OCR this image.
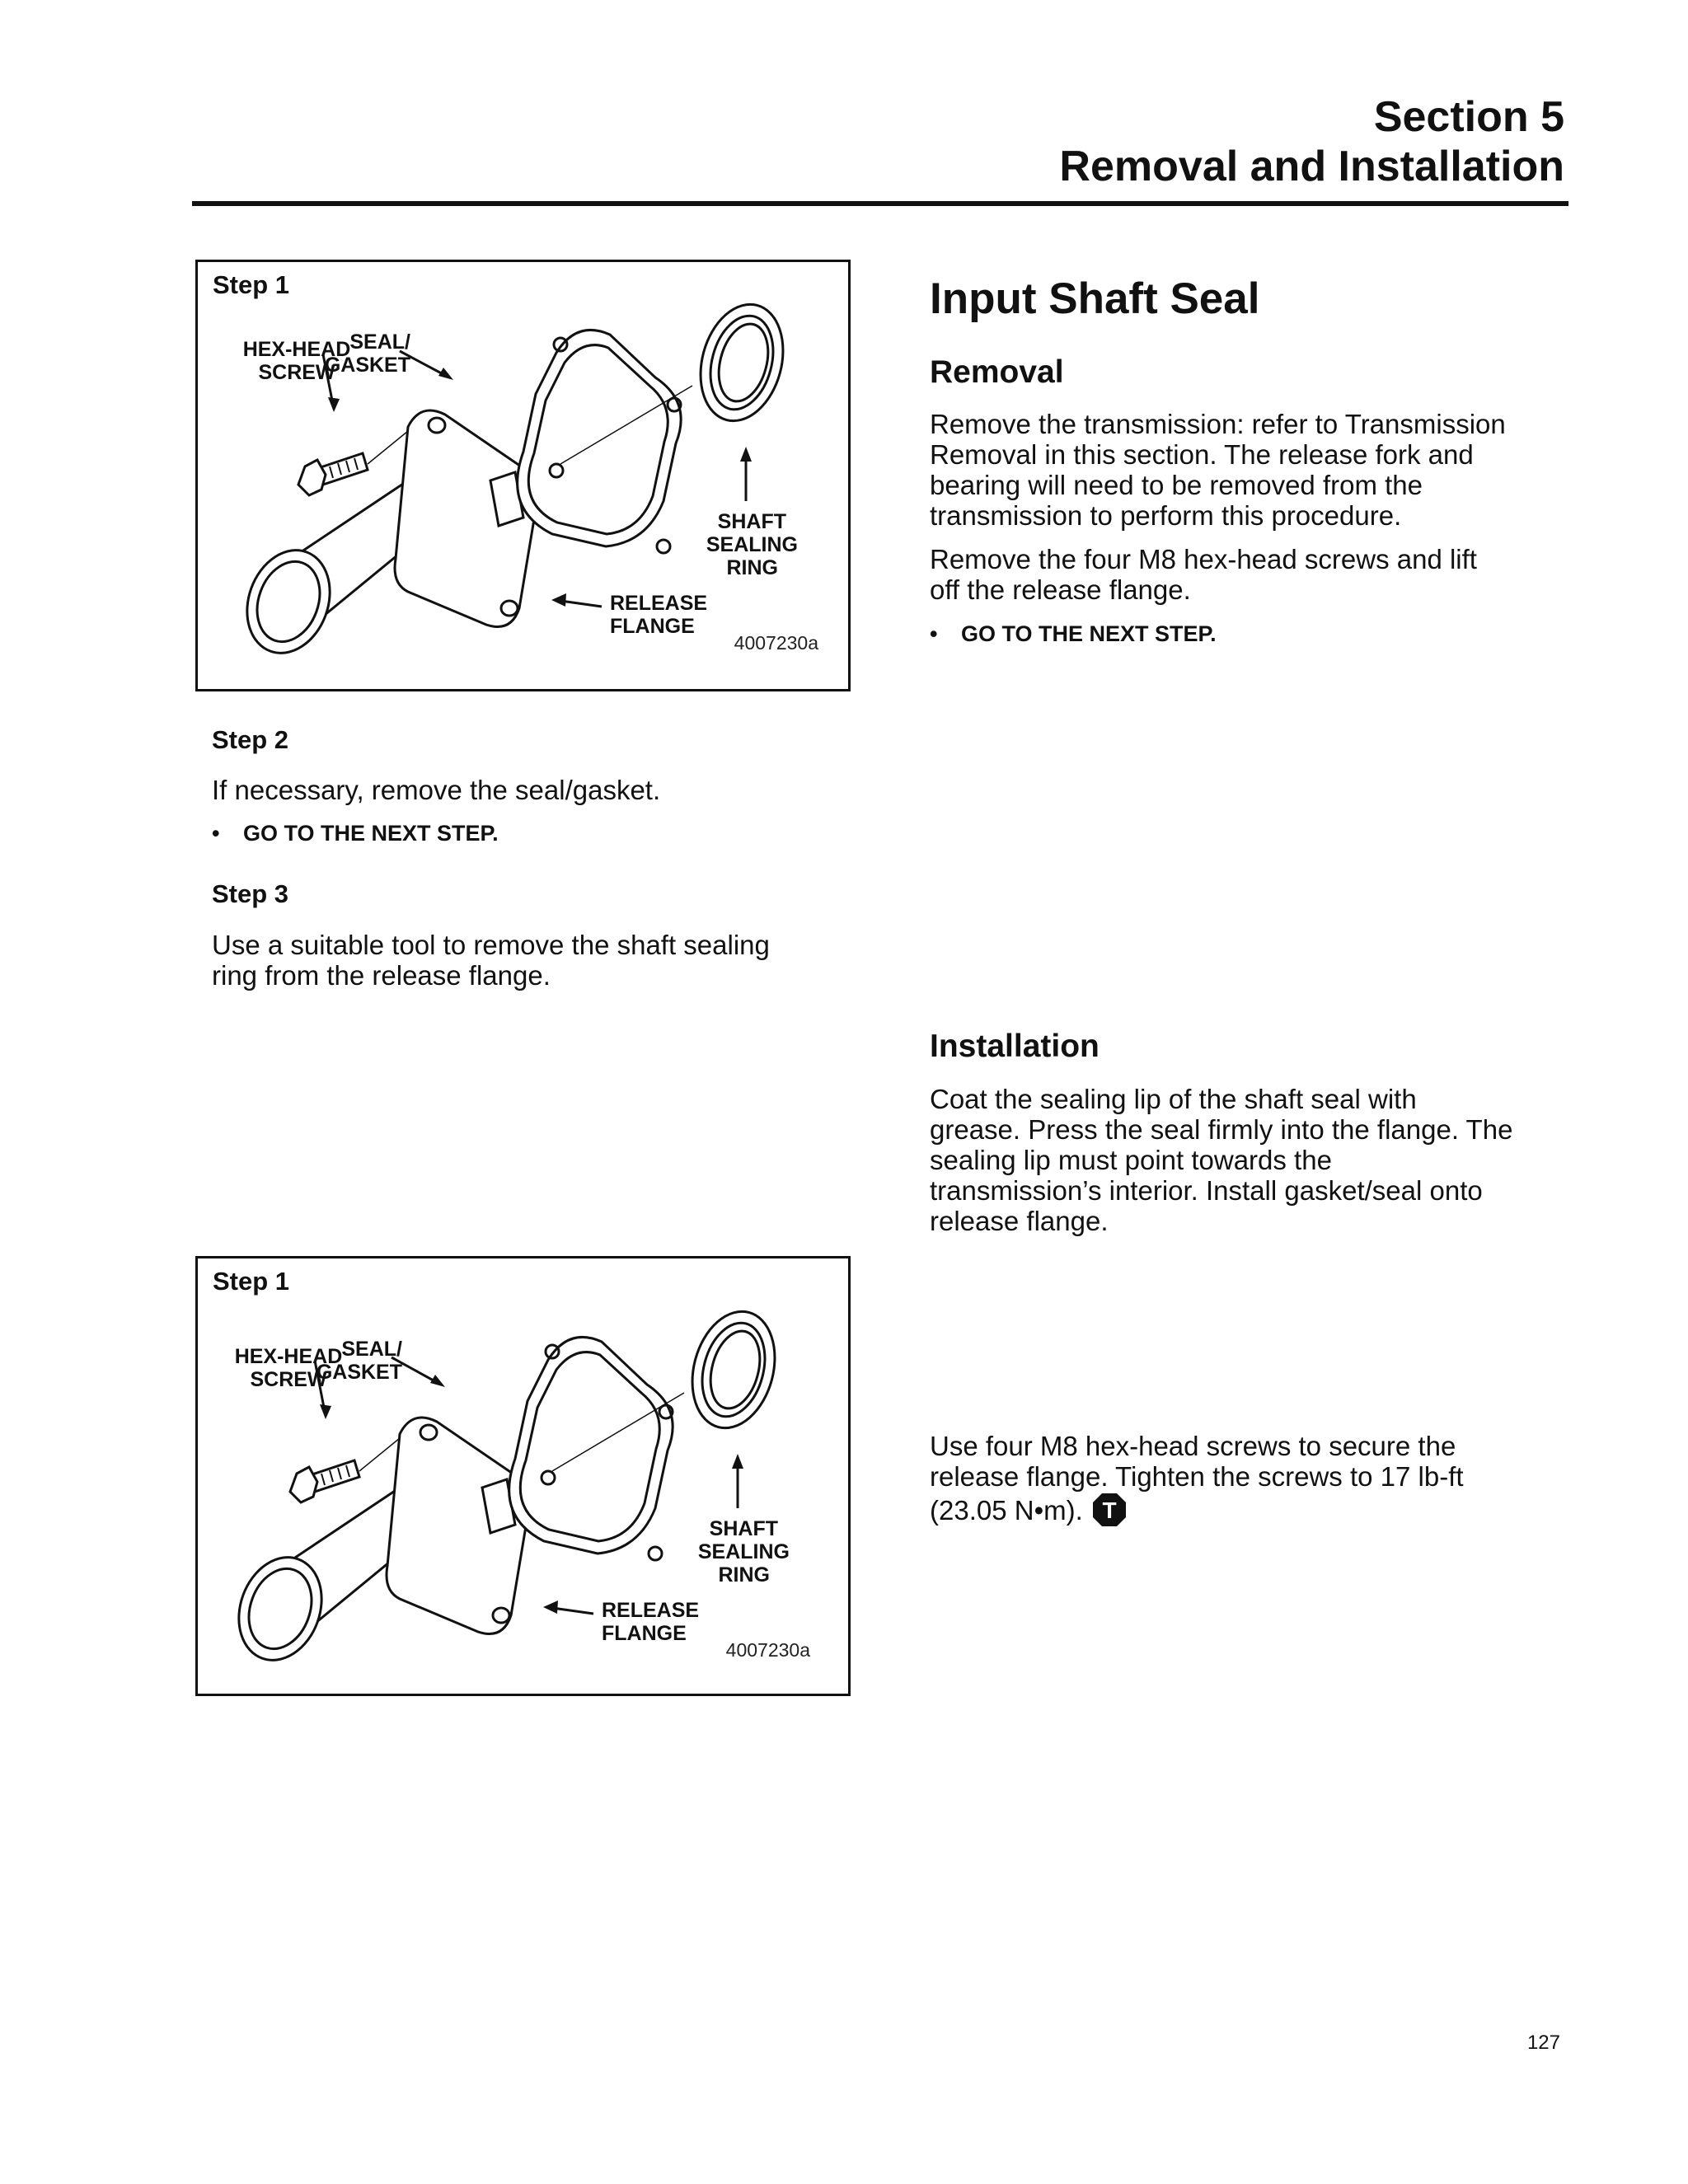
Section 5
Removal and Installation
Step 1
HEX-HEAD
SCREW
SEAL/
GASKET
SHAFT
SEALING
RING
RELEASE
FLANGE
4007230a
Step 2
If necessary, remove the seal/gasket.
• GO TO THE NEXT STEP.
Step 3
Use a suitable tool to remove the shaft sealing
ring from the release flange.
Step 1
HEX-HEAD
SCREW
SEAL/
GASKET
SHAFT
SEALING
RING
RELEASE
FLANGE
4007230a
Input Shaft Seal
Removal
Remove the transmission: refer to Transmission
Removal in this section. The release fork and
bearing will need to be removed from the
transmission to perform this procedure.
Remove the four M8 hex-head screws and lift
off the release flange.
• GO TO THE NEXT STEP.
Installation
Coat the sealing lip of the shaft seal with
grease. Press the seal firmly into the flange. The
sealing lip must point towards the
transmission’s interior. Install gasket/seal onto
release flange.
Use four M8 hex-head screws to secure the
release flange. Tighten the screws to 17 lb-ft
(23.05 N•m). T
127
